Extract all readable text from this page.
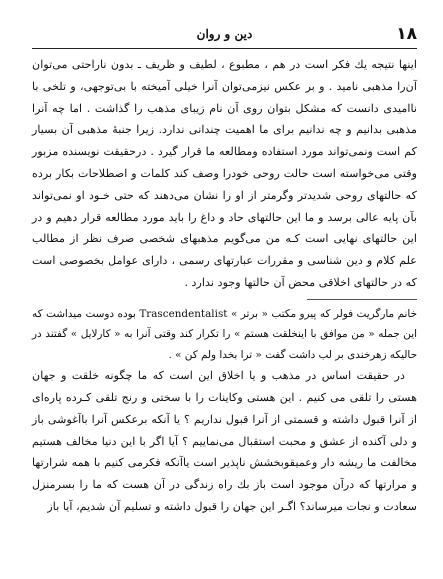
۱۸
دین و روان

اینها نتیجه یك فکر است در هم ، مطبوع ، لطیف و ظریف ـ بدون ناراحتی می‌توان آن‌را مذهبی نامید . و بر عکس نیزمی‌توان آنرا خیلی آمیخته با بی‌توجهی، و تلخی با ناامیدی دانست که مشکل بتوان روی آن نام زیبای مذهب را گذاشت . اما چه آنرا مذهبی بدانیم و چه ندانیم برای ما اهمیت چندانی ندارد. زیرا جنبهٔ مذهبی آن بسیار کم است ونمی‌تواند مورد استفاده ومطالعه ما قرار گیرد . درحقیقت نویسنده مزبور وقتی می‌خواسته است حالت روحی خودرا وصف کند کلمات و اصطلاحات بکار برده که حالتهای روحی شدیدتر وگرمتر از او را نشان می‌دهند که حتی خـود او نمی‌تواند بآن پایه عالی برسد و ما این حالتهای حاد و داغ را باید مورد مطالعه قرار دهیم و در این حالتهای نهایی است کـه من می‌گویم مذهبهای شخصی صرف نظر از مطالب علم کلام و دین شناسی و مقررات عبارتهای رسمی ، دارای عوامل بخصوصی است که در حالتهای اخلاقی محض آن حالتها وجود ندارد .

خانم مارگریت فولر که پیرو مکتب « برتر » Trascendentalist بوده دوست میداشت که این جمله « من موافق با اینخلقت هستم » را تکرار کند وقتی آنرا به « کارلایل » گفتند در حالیکه زهرخندی بر لب داشت گفت « ترا بخدا ولم کن » .

در حقیقت اساس در مذهب و یا اخلاق این است که ما چگونه خلقت و جهان هستی را تلقی می کنیم . این هستی وکاینات را با سختی و رنج تلقی کـرده پاره‌ای از آنرا قبول داشته و قسمتی از آنرا قبول نداریم ؟ یا آنکه برعکس آنرا باآغوشی باز و دلی آکنده از عشق و محبت استقبال می‌نماییم ؟ آیا اگر با این دنیا مخالف هستیم مخالفت ما ریشه دار وعمیقوبخشش ناپذیر است یاآنکه فکرمی کنیم با همه شرارتها و مرارتها که درآن موجود است باز بك راه زندگی در آن هست که ما را بسرمنزل سعادت و نجات میرساند؟ اگـر این جهان را قبول داشته و تسلیم آن شدیم، آیا باز
